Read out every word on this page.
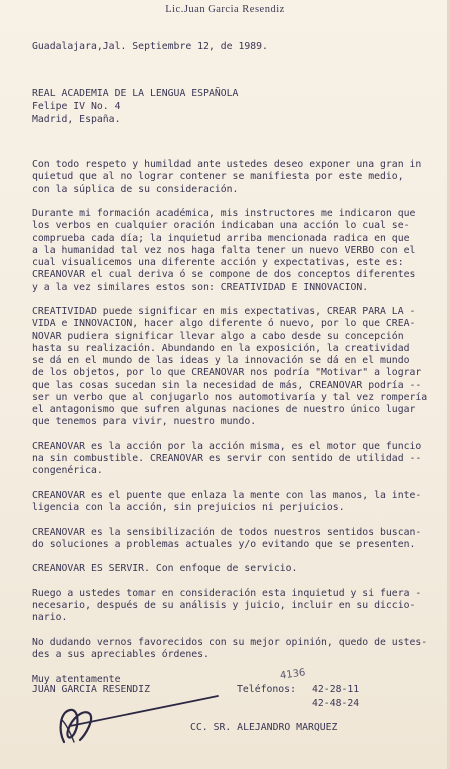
Lic.Juan Garcia Resendiz
Guadalajara,Jal. Septiembre 12, de 1989.
REAL ACADEMIA DE LA LENGUA ESPAÑOLA
Felipe IV No. 4
Madrid, España.
Con todo respeto y humildad ante ustedes deseo exponer una gran in
quietud que al no lograr contener se manifiesta por este medio,
con la súplica de su consideración.
Durante mi formación académica, mis instructores me indicaron que
los verbos en cualquier oración indicaban una acción lo cual se-
comprueba cada día; la inquietud arriba mencionada radica en que
a la humanidad tal vez nos haga falta tener un nuevo VERBO con el
cual visualicemos una diferente acción y expectativas, este es:
CREANOVAR el cual deriva ó se compone de dos conceptos diferentes
y a la vez similares estos son: CREATIVIDAD E INNOVACION.
CREATIVIDAD puede significar en mis expectativas, CREAR PARA LA -
VIDA e INNOVACION, hacer algo diferente ó nuevo, por lo que CREA-
NOVAR pudiera significar llevar algo a cabo desde su concepción
hasta su realización. Abundando en la exposición, la creatividad
se dá en el mundo de las ideas y la innovación se dá en el mundo
de los objetos, por lo que CREANOVAR nos podría "Motivar" a lograr
que las cosas sucedan sin la necesidad de más, CREANOVAR podría --
ser un verbo que al conjugarlo nos automotivaría y tal vez rompería
el antagonismo que sufren algunas naciones de nuestro único lugar
que tenemos para vivir, nuestro mundo.
CREANOVAR es la acción por la acción misma, es el motor que funcio
na sin combustible. CREANOVAR es servir con sentido de utilidad --
congenérica.
CREANOVAR es el puente que enlaza la mente con las manos, la inte-
ligencia con la acción, sin prejuicios ni perjuicios.
CREANOVAR es la sensibilización de todos nuestros sentidos buscan-
do soluciones a problemas actuales y/o evitando que se presenten.
CREANOVAR ES SERVIR. Con enfoque de servicio.
Ruego a ustedes tomar en consideración esta inquietud y si fuera -
necesario, después de su análisis y juicio, incluir en su diccio-
nario.
No dudando vernos favorecidos con su mejor opinión, quedo de ustes-
des a sus apreciables órdenes.
Muy atentamente
JUAN GARCIA RESENDIZ	Teléfonos: 42-28-11
42-48-24
CC. SR. ALEJANDRO MARQUEZ
4136
